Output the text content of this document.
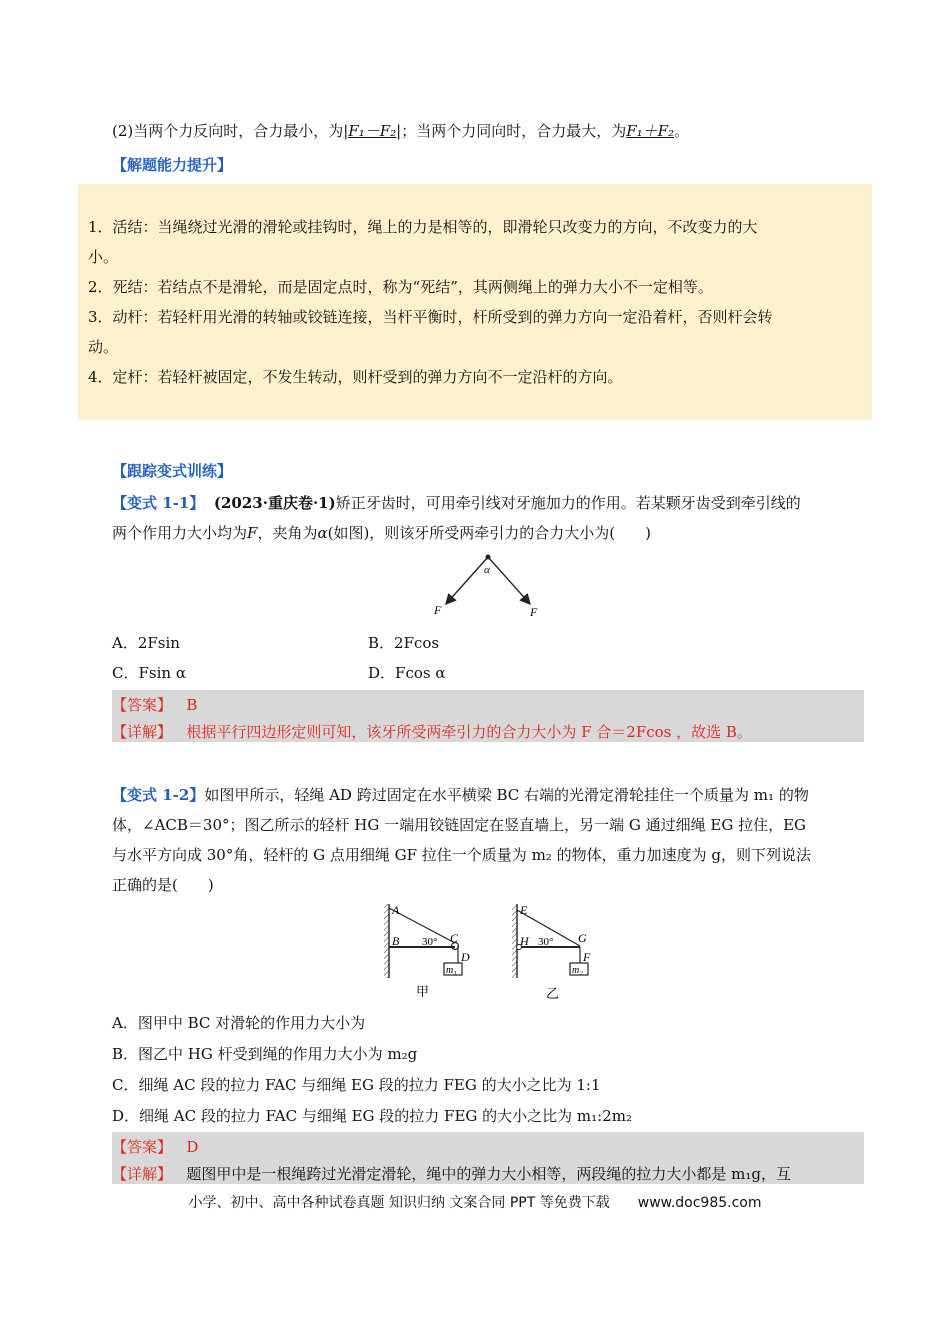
(2)当两个力反向时，合力最小，为|F₁－F₂|；当两个力同向时，合力最大，为F₁＋F₂。
【解题能力提升】
1．活结：当绳绕过光滑的滑轮或挂钩时，绳上的力是相等的，即滑轮只改变力的方向，不改变力的大
小。
2．死结：若结点不是滑轮，而是固定点时，称为“死结”，其两侧绳上的弹力大小不一定相等。
3．动杆：若轻杆用光滑的转轴或铰链连接，当杆平衡时，杆所受到的弹力方向一定沿着杆，否则杆会转
动。
4．定杆：若轻杆被固定，不发生转动，则杆受到的弹力方向不一定沿杆的方向。
【跟踪变式训练】
【变式 1-1】 (2023·重庆卷·1)矫正牙齿时，可用牵引线对牙施加力的作用。若某颗牙齿受到牵引线的
两个作用力大小均为F，夹角为α(如图)，则该牙所受两牵引力的合力大小为(　　)
α
F	F
A．2Fsin	B．2Fcos
C．Fsin α	D．Fcos α
【答案】 B
【详解】 根据平行四边形定则可知，该牙所受两牵引力的合力大小为 F 合＝2Fcos ，故选 B。
【变式 1-2】如图甲所示，轻绳 AD 跨过固定在水平横梁 BC 右端的光滑定滑轮挂住一个质量为 m₁ 的物
体，∠ACB＝30°；图乙所示的轻杆 HG 一端用铰链固定在竖直墙上，另一端 G 通过细绳 EG 拉住，EG
与水平方向成 30°角，轻杆的 G 点用细绳 GF 拉住一个质量为 m₂ 的物体，重力加速度为 g，则下列说法
正确的是(　　)
A
B 30° C
D
m₁
甲
E
H 30° G
F
m₂
乙
A．图甲中 BC 对滑轮的作用力大小为
B．图乙中 HG 杆受到绳的作用力大小为 m₂g
C．细绳 AC 段的拉力 FAC 与细绳 EG 段的拉力 FEG 的大小之比为 1:1
D．细绳 AC 段的拉力 FAC 与细绳 EG 段的拉力 FEG 的大小之比为 m₁:2m₂
【答案】 D
【详解】 题图甲中是一根绳跨过光滑定滑轮，绳中的弹力大小相等，两段绳的拉力大小都是 m₁g，互
小学、初中、高中各种试卷真题 知识归纳 文案合同 PPT 等免费下载 www.doc985.com
